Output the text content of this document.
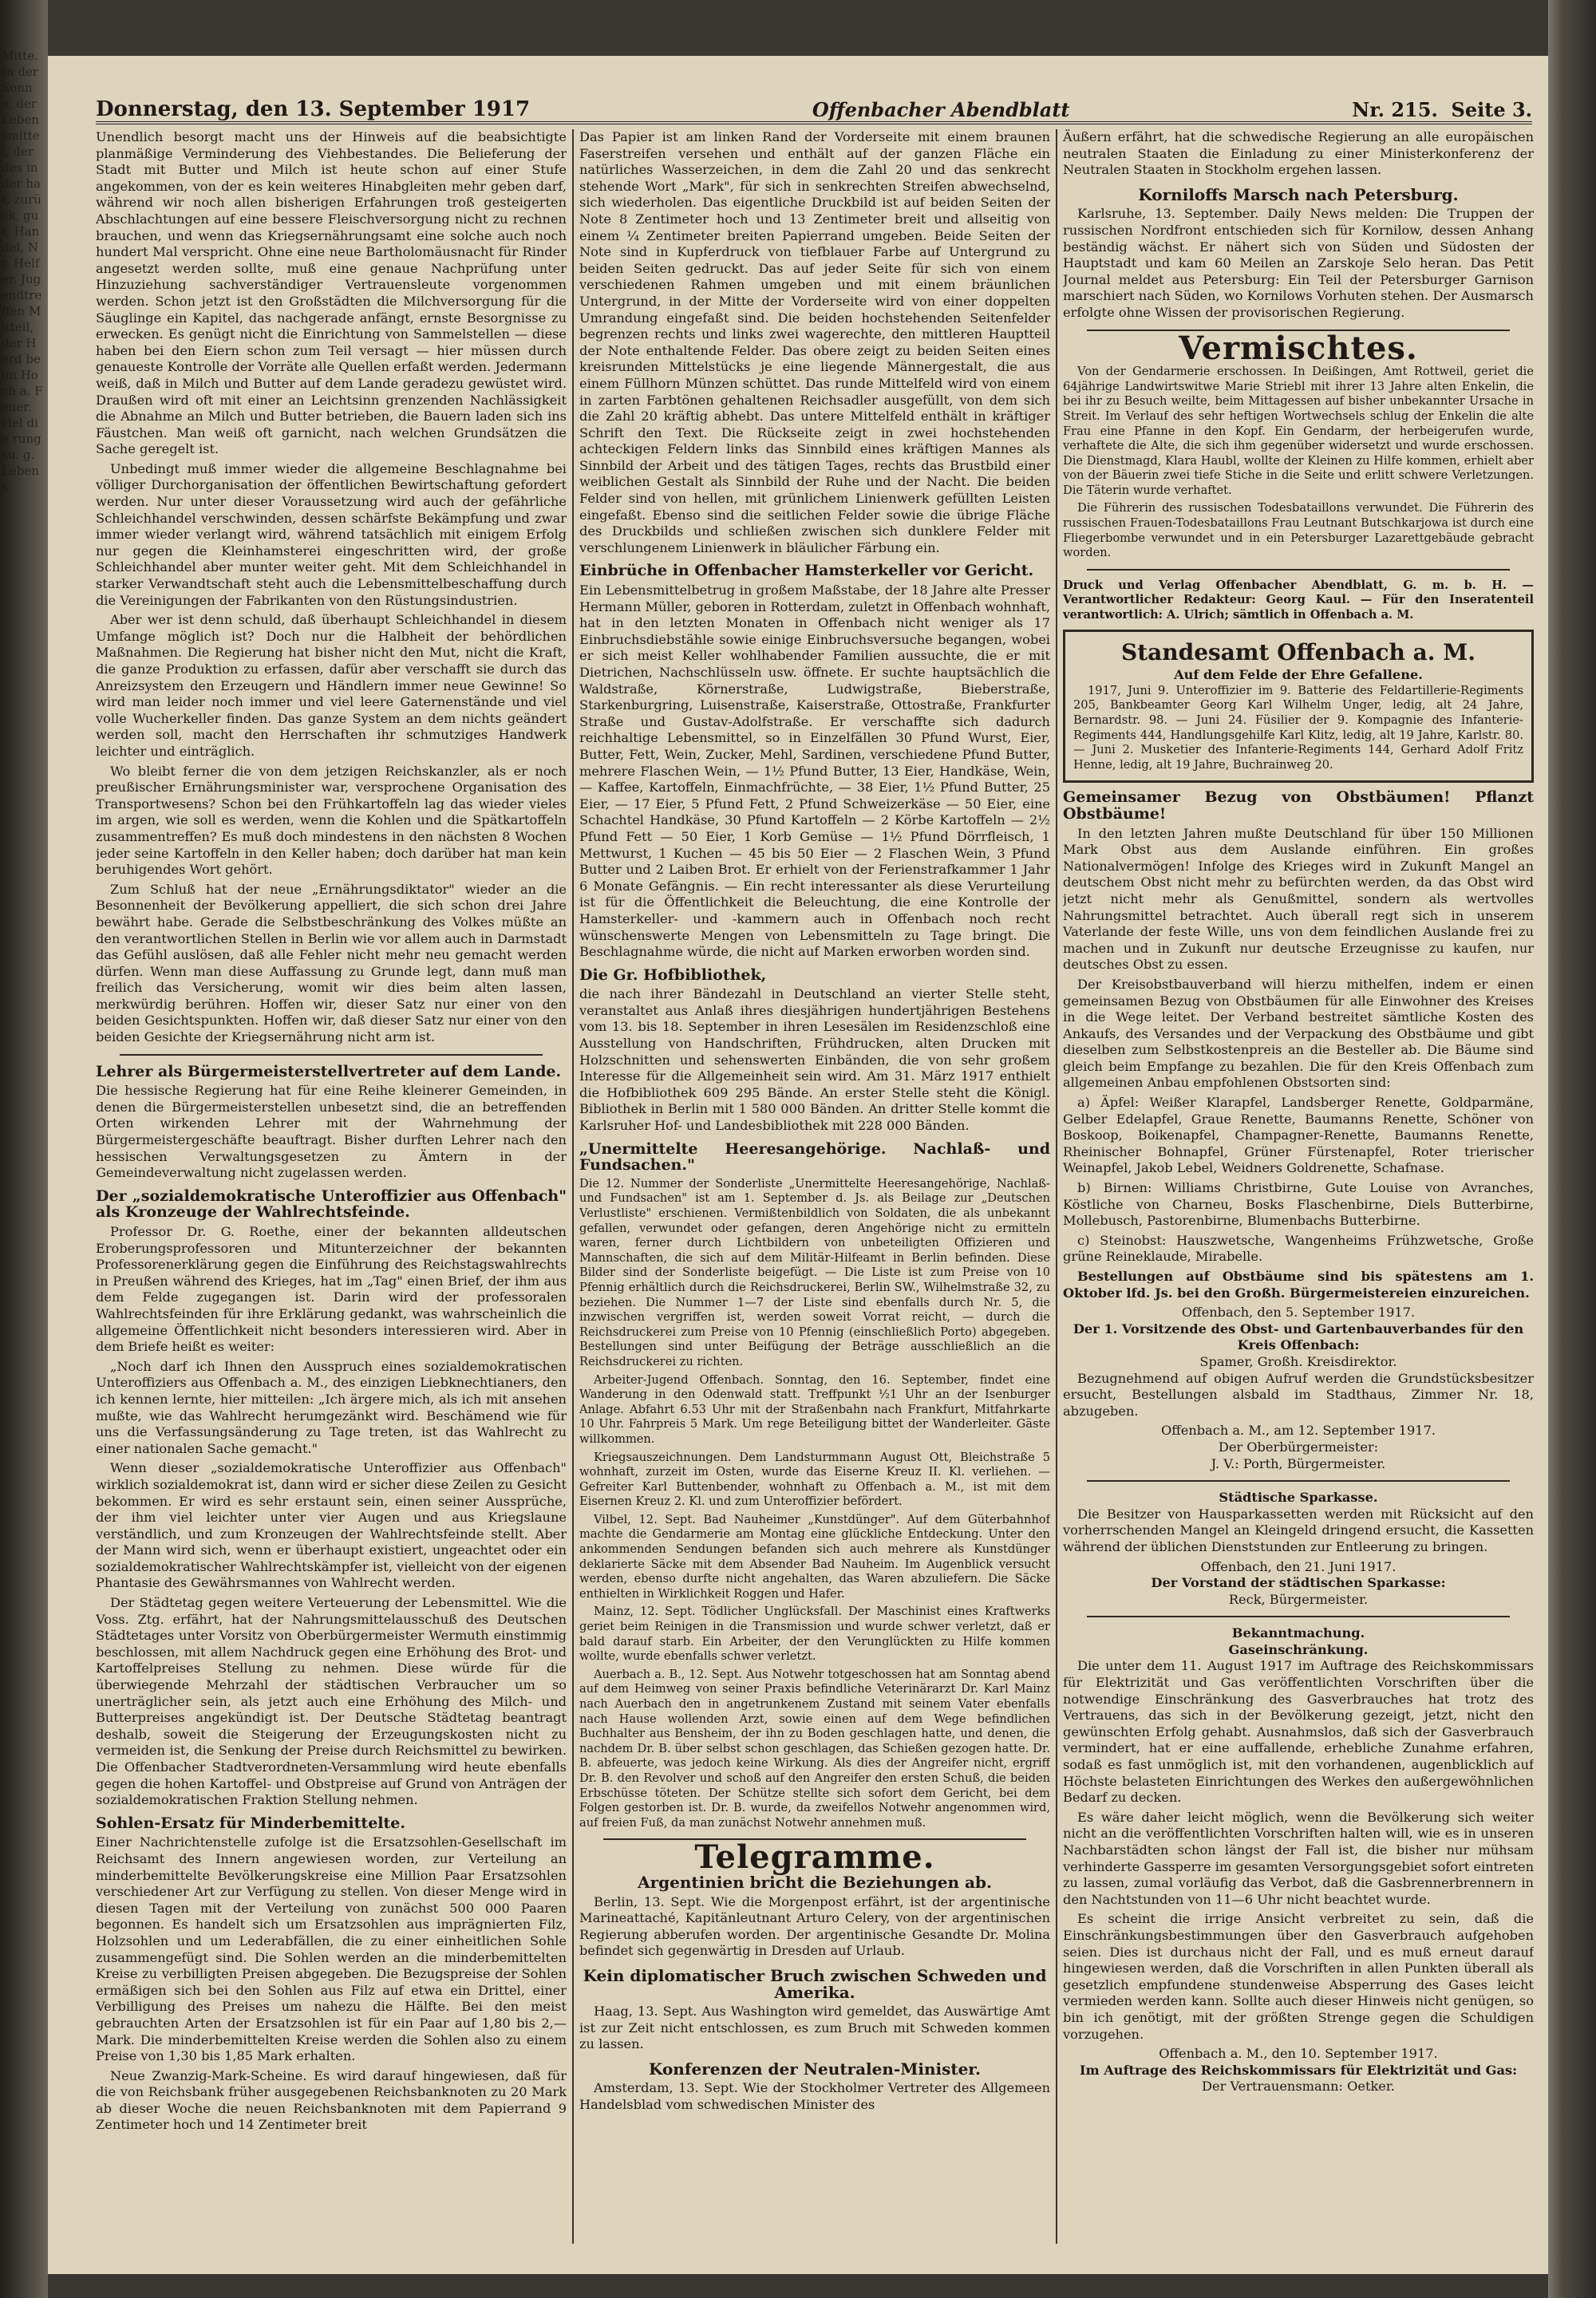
Mitte. In der Sonne, der Lebensmittel, der des in der hat, zurück, gut, Handel, Nr. Helfer. Jugendtreffen Mitteil, der Herd beim Hoch a. Feuer. Hel die rungsu. g. Lebens
Donnerstag, den 13. September 1917	Offenbacher Abendblatt	Nr. 215. Seite 3.

Unendlich besorgt macht uns der Hinweis auf die beabsichtigte planmäßige Verminderung des Viehbestandes. Die Belieferung der Stadt mit Butter und Milch ist heute schon auf einer Stufe angekommen, von der es kein weiteres Hinabgleiten mehr geben darf, während wir noch allen bisherigen Erfahrungen troß gesteigerten Abschlachtungen auf eine bessere Fleischversorgung nicht zu rechnen brauchen, und wenn das Kriegsernährungsamt eine solche auch noch hundert Mal verspricht. Ohne eine neue Bartholomäusnacht für Rinder angesetzt werden sollte, muß eine genaue Nachprüfung unter Hinzuziehung sachverständiger Vertrauensleute vorgenommen werden. Schon jetzt ist den Großstädten die Milchversorgung für die Säuglinge ein Kapitel, das nachgerade anfängt, ernste Besorgnisse zu erwecken. Es genügt nicht die Einrichtung von Sammelstellen — diese haben bei den Eiern schon zum Teil versagt — hier müssen durch genaueste Kontrolle der Vorräte alle Quellen erfaßt werden. Jedermann weiß, daß in Milch und Butter auf dem Lande geradezu gewüstet wird. Draußen wird oft mit einer an Leichtsinn grenzenden Nachlässigkeit die Abnahme an Milch und Butter betrieben, die Bauern laden sich ins Fäustchen. Man weiß oft garnicht, nach welchen Grundsätzen die Sache geregelt ist.

Unbedingt muß immer wieder die allgemeine Beschlagnahme bei völliger Durchorganisation der öffentlichen Bewirtschaftung gefordert werden. Nur unter dieser Voraussetzung wird auch der gefährliche Schleichhandel verschwinden, dessen schärfste Bekämpfung und zwar immer wieder verlangt wird, während tatsächlich mit einigem Erfolg nur gegen die Kleinhamsterei eingeschritten wird, der große Schleichhandel aber munter weiter geht. Mit dem Schleichhandel in starker Verwandtschaft steht auch die Lebensmittelbeschaffung durch die Vereinigungen der Fabrikanten von den Rüstungsindustrien.

Aber wer ist denn schuld, daß überhaupt Schleichhandel in diesem Umfange möglich ist? Doch nur die Halbheit der behördlichen Maßnahmen. Die Regierung hat bisher nicht den Mut, nicht die Kraft, die ganze Produktion zu erfassen, dafür aber verschafft sie durch das Anreizsystem den Erzeugern und Händlern immer neue Gewinne! So wird man leider noch immer und viel leere Gaternenstände und viel volle Wucherkeller finden. Das ganze System an dem nichts geändert werden soll, macht den Herrschaften ihr schmutziges Handwerk leichter und einträglich.

Wo bleibt ferner die von dem jetzigen Reichskanzler, als er noch preußischer Ernährungsminister war, versprochene Organisation des Transportwesens? Schon bei den Frühkartoffeln lag das wieder vieles im argen, wie soll es werden, wenn die Kohlen und die Spätkartoffeln zusammentreffen? Es muß doch mindestens in den nächsten 8 Wochen jeder seine Kartoffeln in den Keller haben; doch darüber hat man kein beruhigendes Wort gehört.

Zum Schluß hat der neue „Ernährungsdiktator" wieder an die Besonnenheit der Bevölkerung appelliert, die sich schon drei Jahre bewährt habe. Gerade die Selbstbeschränkung des Volkes müßte an den verantwortlichen Stellen in Berlin wie vor allem auch in Darmstadt das Gefühl auslösen, daß alle Fehler nicht mehr neu gemacht werden dürfen. Wenn man diese Auffassung zu Grunde legt, dann muß man freilich das Versicherung, womit wir dies beim alten lassen, merkwürdig berühren. Hoffen wir, dieser Satz nur einer von den beiden Gesichtspunkten. Hoffen wir, daß dieser Satz nur einer von den beiden Gesichte der Kriegsernährung nicht arm ist.

Lehrer als Bürgermeisterstellvertreter auf dem Lande.

Die hessische Regierung hat für eine Reihe kleinerer Gemeinden, in denen die Bürgermeisterstellen unbesetzt sind, die an betreffenden Orten wirkenden Lehrer mit der Wahrnehmung der Bürgermeistergeschäfte beauftragt. Bisher durften Lehrer nach den hessischen Verwaltungsgesetzen zu Ämtern in der Gemeindeverwaltung nicht zugelassen werden.

Der „sozialdemokratische Unteroffizier aus Offenbach" als Kronzeuge der Wahlrechtsfeinde.

Professor Dr. G. Roethe, einer der bekannten alldeutschen Eroberungsprofessoren und Mitunterzeichner der bekannten Professorenerklärung gegen die Einführung des Reichstagswahlrechts in Preußen während des Krieges, hat im „Tag" einen Brief, der ihm aus dem Felde zugegangen ist. Darin wird der professoralen Wahlrechtsfeinden für ihre Erklärung gedankt, was wahrscheinlich die allgemeine Öffentlichkeit nicht besonders interessieren wird. Aber in dem Briefe heißt es weiter:

„Noch darf ich Ihnen den Ausspruch eines sozialdemokratischen Unteroffiziers aus Offenbach a. M., des einzigen Liebknechtianers, den ich kennen lernte, hier mitteilen: „Ich ärgere mich, als ich mit ansehen mußte, wie das Wahlrecht herumgezänkt wird. Beschämend wie für uns die Verfassungsänderung zu Tage treten, ist das Wahlrecht zu einer nationalen Sache gemacht."

Wenn dieser „sozialdemokratische Unteroffizier aus Offenbach" wirklich sozialdemokrat ist, dann wird er sicher diese Zeilen zu Gesicht bekommen. Er wird es sehr erstaunt sein, einen seiner Aussprüche, der ihm viel leichter unter vier Augen und aus Kriegslaune verständlich, und zum Kronzeugen der Wahlrechtsfeinde stellt. Aber der Mann wird sich, wenn er überhaupt existiert, ungeachtet oder ein sozialdemokratischer Wahlrechtskämpfer ist, vielleicht von der eigenen Phantasie des Gewährsmannes von Wahlrecht werden.

Der Städtetag gegen weitere Verteuerung der Lebensmittel. Wie die Voss. Ztg. erfährt, hat der Nahrungsmittelausschuß des Deutschen Städtetages unter Vorsitz von Oberbürgermeister Wermuth einstimmig beschlossen, mit allem Nachdruck gegen eine Erhöhung des Brot- und Kartoffelpreises Stellung zu nehmen. Diese würde für die überwiegende Mehrzahl der städtischen Verbraucher um so unerträglicher sein, als jetzt auch eine Erhöhung des Milch- und Butterpreises angekündigt ist. Der Deutsche Städtetag beantragt deshalb, soweit die Steigerung der Erzeugungskosten nicht zu vermeiden ist, die Senkung der Preise durch Reichsmittel zu bewirken. Die Offenbacher Stadtverordneten-Versammlung wird heute ebenfalls gegen die hohen Kartoffel- und Obstpreise auf Grund von Anträgen der sozialdemokratischen Fraktion Stellung nehmen.

Sohlen-Ersatz für Minderbemittelte.

Einer Nachrichtenstelle zufolge ist die Ersatzsohlen-Gesellschaft im Reichsamt des Innern angewiesen worden, zur Verteilung an minderbemittelte Bevölkerungskreise eine Million Paar Ersatzsohlen verschiedener Art zur Verfügung zu stellen. Von dieser Menge wird in diesen Tagen mit der Verteilung von zunächst 500 000 Paaren begonnen. Es handelt sich um Ersatzsohlen aus imprägnierten Filz, Holzsohlen und um Lederabfällen, die zu einer einheitlichen Sohle zusammengefügt sind. Die Sohlen werden an die minderbemittelten Kreise zu verbilligten Preisen abgegeben. Die Bezugspreise der Sohlen ermäßigen sich bei den Sohlen aus Filz auf etwa ein Drittel, einer Verbilligung des Preises um nahezu die Hälfte. Bei den meist gebrauchten Arten der Ersatzsohlen ist für ein Paar auf 1,80 bis 2,— Mark. Die minderbemittelten Kreise werden die Sohlen also zu einem Preise von 1,30 bis 1,85 Mark erhalten.

Neue Zwanzig-Mark-Scheine. Es wird darauf hingewiesen, daß für die von Reichsbank früher ausgegebenen Reichsbanknoten zu 20 Mark ab dieser Woche die neuen Reichsbanknoten mit dem Papierrand 9 Zentimeter hoch und 14 Zentimeter breit

Das Papier ist am linken Rand der Vorderseite mit einem braunen Faserstreifen versehen und enthält auf der ganzen Fläche ein natürliches Wasserzeichen, in dem die Zahl 20 und das senkrecht stehende Wort „Mark", für sich in senkrechten Streifen abwechselnd, sich wiederholen. Das eigentliche Druckbild ist auf beiden Seiten der Note 8 Zentimeter hoch und 13 Zentimeter breit und allseitig von einem ¼ Zentimeter breiten Papierrand umgeben. Beide Seiten der Note sind in Kupferdruck von tiefblauer Farbe auf Untergrund zu beiden Seiten gedruckt. Das auf jeder Seite für sich von einem verschiedenen Rahmen umgeben und mit einem bräunlichen Untergrund, in der Mitte der Vorderseite wird von einer doppelten Umrandung eingefaßt sind. Die beiden hochstehenden Seitenfelder begrenzen rechts und links zwei wagerechte, den mittleren Hauptteil der Note enthaltende Felder. Das obere zeigt zu beiden Seiten eines kreisrunden Mittelstücks je eine liegende Männergestalt, die aus einem Füllhorn Münzen schüttet. Das runde Mittelfeld wird von einem in zarten Farbtönen gehaltenen Reichsadler ausgefüllt, von dem sich die Zahl 20 kräftig abhebt. Das untere Mittelfeld enthält in kräftiger Schrift den Text. Die Rückseite zeigt in zwei hochstehenden achteckigen Feldern links das Sinnbild eines kräftigen Mannes als Sinnbild der Arbeit und des tätigen Tages, rechts das Brustbild einer weiblichen Gestalt als Sinnbild der Ruhe und der Nacht. Die beiden Felder sind von hellen, mit grünlichem Linienwerk gefüllten Leisten eingefaßt. Ebenso sind die seitlichen Felder sowie die übrige Fläche des Druckbilds und schließen zwischen sich dunklere Felder mit verschlungenem Linienwerk in bläulicher Färbung ein.

Einbrüche in Offenbacher Hamsterkeller vor Gericht.

Ein Lebensmittelbetrug in großem Maßstabe, der 18 Jahre alte Presser Hermann Müller, geboren in Rotterdam, zuletzt in Offenbach wohnhaft, hat in den letzten Monaten in Offenbach nicht weniger als 17 Einbruchsdiebstähle sowie einige Einbruchsversuche begangen, wobei er sich meist Keller wohlhabender Familien aussuchte, die er mit Dietrichen, Nachschlüsseln usw. öffnete. Er suchte hauptsächlich die Waldstraße, Körnerstraße, Ludwigstraße, Bieberstraße, Starkenburgring, Luisenstraße, Kaiserstraße, Ottostraße, Frankfurter Straße und Gustav-Adolfstraße. Er verschaffte sich dadurch reichhaltige Lebensmittel, so in Einzelfällen 30 Pfund Wurst, Eier, Butter, Fett, Wein, Zucker, Mehl, Sardinen, verschiedene Pfund Butter, mehrere Flaschen Wein, — 1½ Pfund Butter, 13 Eier, Handkäse, Wein, — Kaffee, Kartoffeln, Einmachfrüchte, — 38 Eier, 1½ Pfund Butter, 25 Eier, — 17 Eier, 5 Pfund Fett, 2 Pfund Schweizerkäse — 50 Eier, eine Schachtel Handkäse, 30 Pfund Kartoffeln — 2 Körbe Kartoffeln — 2½ Pfund Fett — 50 Eier, 1 Korb Gemüse — 1½ Pfund Dörrfleisch, 1 Mettwurst, 1 Kuchen — 45 bis 50 Eier — 2 Flaschen Wein, 3 Pfund Butter und 2 Laiben Brot. Er erhielt von der Ferienstrafkammer 1 Jahr 6 Monate Gefängnis. — Ein recht interessanter als diese Verurteilung ist für die Öffentlichkeit die Beleuchtung, die eine Kontrolle der Hamsterkeller- und -kammern auch in Offenbach noch recht wünschenswerte Mengen von Lebensmitteln zu Tage bringt. Die Beschlagnahme würde, die nicht auf Marken erworben worden sind.

Die Gr. Hofbibliothek,

die nach ihrer Bändezahl in Deutschland an vierter Stelle steht, veranstaltet aus Anlaß ihres diesjährigen hundertjährigen Bestehens vom 13. bis 18. September in ihren Lesesälen im Residenzschloß eine Ausstellung von Handschriften, Frühdrucken, alten Drucken mit Holzschnitten und sehenswerten Einbänden, die von sehr großem Interesse für die Allgemeinheit sein wird. Am 31. März 1917 enthielt die Hofbibliothek 609 295 Bände. An erster Stelle steht die Königl. Bibliothek in Berlin mit 1 580 000 Bänden. An dritter Stelle kommt die Karlsruher Hof- und Landesbibliothek mit 228 000 Bänden.

„Unermittelte Heeresangehörige. Nachlaß- und Fundsachen."

Die 12. Nummer der Sonderliste „Unermittelte Heeresangehörige, Nachlaß- und Fundsachen" ist am 1. September d. Js. als Beilage zur „Deutschen Verlustliste" erschienen. Vermißtenbildlich von Soldaten, die als unbekannt gefallen, verwundet oder gefangen, deren Angehörige nicht zu ermitteln waren, ferner durch Lichtbildern von unbeteiligten Offizieren und Mannschaften, die sich auf dem Militär-Hilfeamt in Berlin befinden. Diese Bilder sind der Sonderliste beigefügt. — Die Liste ist zum Preise von 10 Pfennig erhältlich durch die Reichsdruckerei, Berlin SW., Wilhelmstraße 32, zu beziehen. Die Nummer 1—7 der Liste sind ebenfalls durch Nr. 5, die inzwischen vergriffen ist, werden soweit Vorrat reicht, — durch die Reichsdruckerei zum Preise von 10 Pfennig (einschließlich Porto) abgegeben. Bestellungen sind unter Beifügung der Beträge ausschließlich an die Reichsdruckerei zu richten.

Arbeiter-Jugend Offenbach. Sonntag, den 16. September, findet eine Wanderung in den Odenwald statt. Treffpunkt ½1 Uhr an der Isenburger Anlage. Abfahrt 6.53 Uhr mit der Straßenbahn nach Frankfurt, Mitfahrkarte 10 Uhr. Fahrpreis 5 Mark. Um rege Beteiligung bittet der Wanderleiter. Gäste willkommen.

Kriegsauszeichnungen. Dem Landsturmmann August Ott, Bleichstraße 5 wohnhaft, zurzeit im Osten, wurde das Eiserne Kreuz II. Kl. verliehen. — Gefreiter Karl Buttenbender, wohnhaft zu Offenbach a. M., ist mit dem Eisernen Kreuz 2. Kl. und zum Unteroffizier befördert.

Vilbel, 12. Sept. Bad Nauheimer „Kunstdünger". Auf dem Güterbahnhof machte die Gendarmerie am Montag eine glückliche Entdeckung. Unter den ankommenden Sendungen befanden sich auch mehrere als Kunstdünger deklarierte Säcke mit dem Absender Bad Nauheim. Im Augenblick versucht werden, ebenso durfte nicht angehalten, das Waren abzuliefern. Die Säcke enthielten in Wirklichkeit Roggen und Hafer.

Mainz, 12. Sept. Tödlicher Unglücksfall. Der Maschinist eines Kraftwerks geriet beim Reinigen in die Transmission und wurde schwer verletzt, daß er bald darauf starb. Ein Arbeiter, der den Verunglückten zu Hilfe kommen wollte, wurde ebenfalls schwer verletzt.

Auerbach a. B., 12. Sept. Aus Notwehr totgeschossen hat am Sonntag abend auf dem Heimweg von seiner Praxis befindliche Veterinärarzt Dr. Karl Mainz nach Auerbach den in angetrunkenem Zustand mit seinem Vater ebenfalls nach Hause wollenden Arzt, sowie einen auf dem Wege befindlichen Buchhalter aus Bensheim, der ihn zu Boden geschlagen hatte, und denen, die nachdem Dr. B. über selbst schon geschlagen, das Schießen gezogen hatte. Dr. B. abfeuerte, was jedoch keine Wirkung. Als dies der Angreifer nicht, ergriff Dr. B. den Revolver und schoß auf den Angreifer den ersten Schuß, die beiden Erbschüsse töteten. Der Schütze stellte sich sofort dem Gericht, bei dem Folgen gestorben ist. Dr. B. wurde, da zweifellos Notwehr angenommen wird, auf freien Fuß, da man zunächst Notwehr annehmen muß.

Telegramme.
Argentinien bricht die Beziehungen ab.

Berlin, 13. Sept. Wie die Morgenpost erfährt, ist der argentinische Marineattaché, Kapitänleutnant Arturo Celery, von der argentinischen Regierung abberufen worden. Der argentinische Gesandte Dr. Molina befindet sich gegenwärtig in Dresden auf Urlaub.

Kein diplomatischer Bruch zwischen Schweden und Amerika.

Haag, 13. Sept. Aus Washington wird gemeldet, das Auswärtige Amt ist zur Zeit nicht entschlossen, es zum Bruch mit Schweden kommen zu lassen.

Konferenzen der Neutralen-Minister.

Amsterdam, 13. Sept. Wie der Stockholmer Vertreter des Allgemeen Handelsblad vom schwedischen Minister des

Äußern erfährt, hat die schwedische Regierung an alle europäischen neutralen Staaten die Einladung zu einer Ministerkonferenz der Neutralen Staaten in Stockholm ergehen lassen.

Korniloffs Marsch nach Petersburg.

Karlsruhe, 13. September. Daily News melden: Die Truppen der russischen Nordfront entschieden sich für Kornilow, dessen Anhang beständig wächst. Er nähert sich von Süden und Südosten der Hauptstadt und kam 60 Meilen an Zarskoje Selo heran. Das Petit Journal meldet aus Petersburg: Ein Teil der Petersburger Garnison marschiert nach Süden, wo Kornilows Vorhuten stehen. Der Ausmarsch erfolgte ohne Wissen der provisorischen Regierung.

Vermischtes.

Von der Gendarmerie erschossen. In Deißingen, Amt Rottweil, geriet die 64jährige Landwirtswitwe Marie Striebl mit ihrer 13 Jahre alten Enkelin, die bei ihr zu Besuch weilte, beim Mittagessen auf bisher unbekannter Ursache in Streit. Im Verlauf des sehr heftigen Wortwechsels schlug der Enkelin die alte Frau eine Pfanne in den Kopf. Ein Gendarm, der herbeigerufen wurde, verhaftete die Alte, die sich ihm gegenüber widersetzt und wurde erschossen. Die Dienstmagd, Klara Haubl, wollte der Kleinen zu Hilfe kommen, erhielt aber von der Bäuerin zwei tiefe Stiche in die Seite und erlitt schwere Verletzungen. Die Täterin wurde verhaftet.

Die Führerin des russischen Todesbataillons verwundet. Die Führerin des russischen Frauen-Todesbataillons Frau Leutnant Butschkarjowa ist durch eine Fliegerbombe verwundet und in ein Petersburger Lazarettgebäude gebracht worden.

Druck und Verlag Offenbacher Abendblatt, G. m. b. H. — Verantwortlicher Redakteur: Georg Kaul. — Für den Inseratenteil verantwortlich: A. Ulrich; sämtlich in Offenbach a. M.

Standesamt Offenbach a. M.
Auf dem Felde der Ehre Gefallene.

1917, Juni 9. Unteroffizier im 9. Batterie des Feldartillerie-Regiments 205, Bankbeamter Georg Karl Wilhelm Unger, ledig, alt 24 Jahre, Bernardstr. 98. — Juni 24. Füsilier der 9. Kompagnie des Infanterie-Regiments 444, Handlungsgehilfe Karl Klitz, ledig, alt 19 Jahre, Karlstr. 80. — Juni 2. Musketier des Infanterie-Regiments 144, Gerhard Adolf Fritz Henne, ledig, alt 19 Jahre, Buchrainweg 20.

Gemeinsamer Bezug von Obstbäumen! Pflanzt Obstbäume!

In den letzten Jahren mußte Deutschland für über 150 Millionen Mark Obst aus dem Auslande einführen. Ein großes Nationalvermögen! Infolge des Krieges wird in Zukunft Mangel an deutschem Obst nicht mehr zu befürchten werden, da das Obst wird jetzt nicht mehr als Genußmittel, sondern als wertvolles Nahrungsmittel betrachtet. Auch überall regt sich in unserem Vaterlande der feste Wille, uns von dem feindlichen Auslande frei zu machen und in Zukunft nur deutsche Erzeugnisse zu kaufen, nur deutsches Obst zu essen.

Der Kreisobstbauverband will hierzu mithelfen, indem er einen gemeinsamen Bezug von Obstbäumen für alle Einwohner des Kreises in die Wege leitet. Der Verband bestreitet sämtliche Kosten des Ankaufs, des Versandes und der Verpackung des Obstbäume und gibt dieselben zum Selbstkostenpreis an die Besteller ab. Die Bäume sind gleich beim Empfange zu bezahlen. Die für den Kreis Offenbach zum allgemeinen Anbau empfohlenen Obstsorten sind:

a) Äpfel: Weißer Klarapfel, Landsberger Renette, Goldparmäne, Gelber Edelapfel, Graue Renette, Baumanns Renette, Schöner von Boskoop, Boikenapfel, Champagner-Renette, Baumanns Renette, Rheinischer Bohnapfel, Grüner Fürstenapfel, Roter trierischer Weinapfel, Jakob Lebel, Weidners Goldrenette, Schafnase.

b) Birnen: Williams Christbirne, Gute Louise von Avranches, Köstliche von Charneu, Bosks Flaschenbirne, Diels Butterbirne, Mollebusch, Pastorenbirne, Blumenbachs Butterbirne.

c) Steinobst: Hauszwetsche, Wangenheims Frühzwetsche, Große grüne Reineklaude, Mirabelle.

Bestellungen auf Obstbäume sind bis spätestens am 1. Oktober lfd. Js. bei den Großh. Bürgermeistereien einzureichen.

Offenbach, den 5. September 1917.
Der 1. Vorsitzende des Obst- und Gartenbauverbandes für den Kreis Offenbach:
Spamer, Großh. Kreisdirektor.

Bezugnehmend auf obigen Aufruf werden die Grundstücksbesitzer ersucht, Bestellungen alsbald im Stadthaus, Zimmer Nr. 18, abzugeben.

Offenbach a. M., am 12. September 1917.
Der Oberbürgermeister:
J. V.: Porth, Bürgermeister.
Städtische Sparkasse.

Die Besitzer von Hausparkassetten werden mit Rücksicht auf den vorherrschenden Mangel an Kleingeld dringend ersucht, die Kassetten während der üblichen Dienststunden zur Entleerung zu bringen.

Offenbach, den 21. Juni 1917.
Der Vorstand der städtischen Sparkasse:
Reck, Bürgermeister.
Bekanntmachung.
Gaseinschränkung.

Die unter dem 11. August 1917 im Auftrage des Reichskommissars für Elektrizität und Gas veröffentlichten Vorschriften über die notwendige Einschränkung des Gasverbrauches hat trotz des Vertrauens, das sich in der Bevölkerung gezeigt, jetzt, nicht den gewünschten Erfolg gehabt. Ausnahmslos, daß sich der Gasverbrauch vermindert, hat er eine auffallende, erhebliche Zunahme erfahren, sodaß es fast unmöglich ist, mit den vorhandenen, augenblicklich auf Höchste belasteten Einrichtungen des Werkes den außergewöhnlichen Bedarf zu decken.

Es wäre daher leicht möglich, wenn die Bevölkerung sich weiter nicht an die veröffentlichten Vorschriften halten will, wie es in unseren Nachbarstädten schon längst der Fall ist, die bisher nur mühsam verhinderte Gassperre im gesamten Versorgungsgebiet sofort eintreten zu lassen, zumal vorläufig das Verbot, daß die Gasbrennerbrennern in den Nachtstunden von 11—6 Uhr nicht beachtet wurde.

Es scheint die irrige Ansicht verbreitet zu sein, daß die Einschränkungsbestimmungen über den Gasverbrauch aufgehoben seien. Dies ist durchaus nicht der Fall, und es muß erneut darauf hingewiesen werden, daß die Vorschriften in allen Punkten überall als gesetzlich empfundene stundenweise Absperrung des Gases leicht vermieden werden kann. Sollte auch dieser Hinweis nicht genügen, so bin ich genötigt, mit der größten Strenge gegen die Schuldigen vorzugehen.

Offenbach a. M., den 10. September 1917.
Im Auftrage des Reichskommissars für Elektrizität und Gas:
Der Vertrauensmann: Oetker.
